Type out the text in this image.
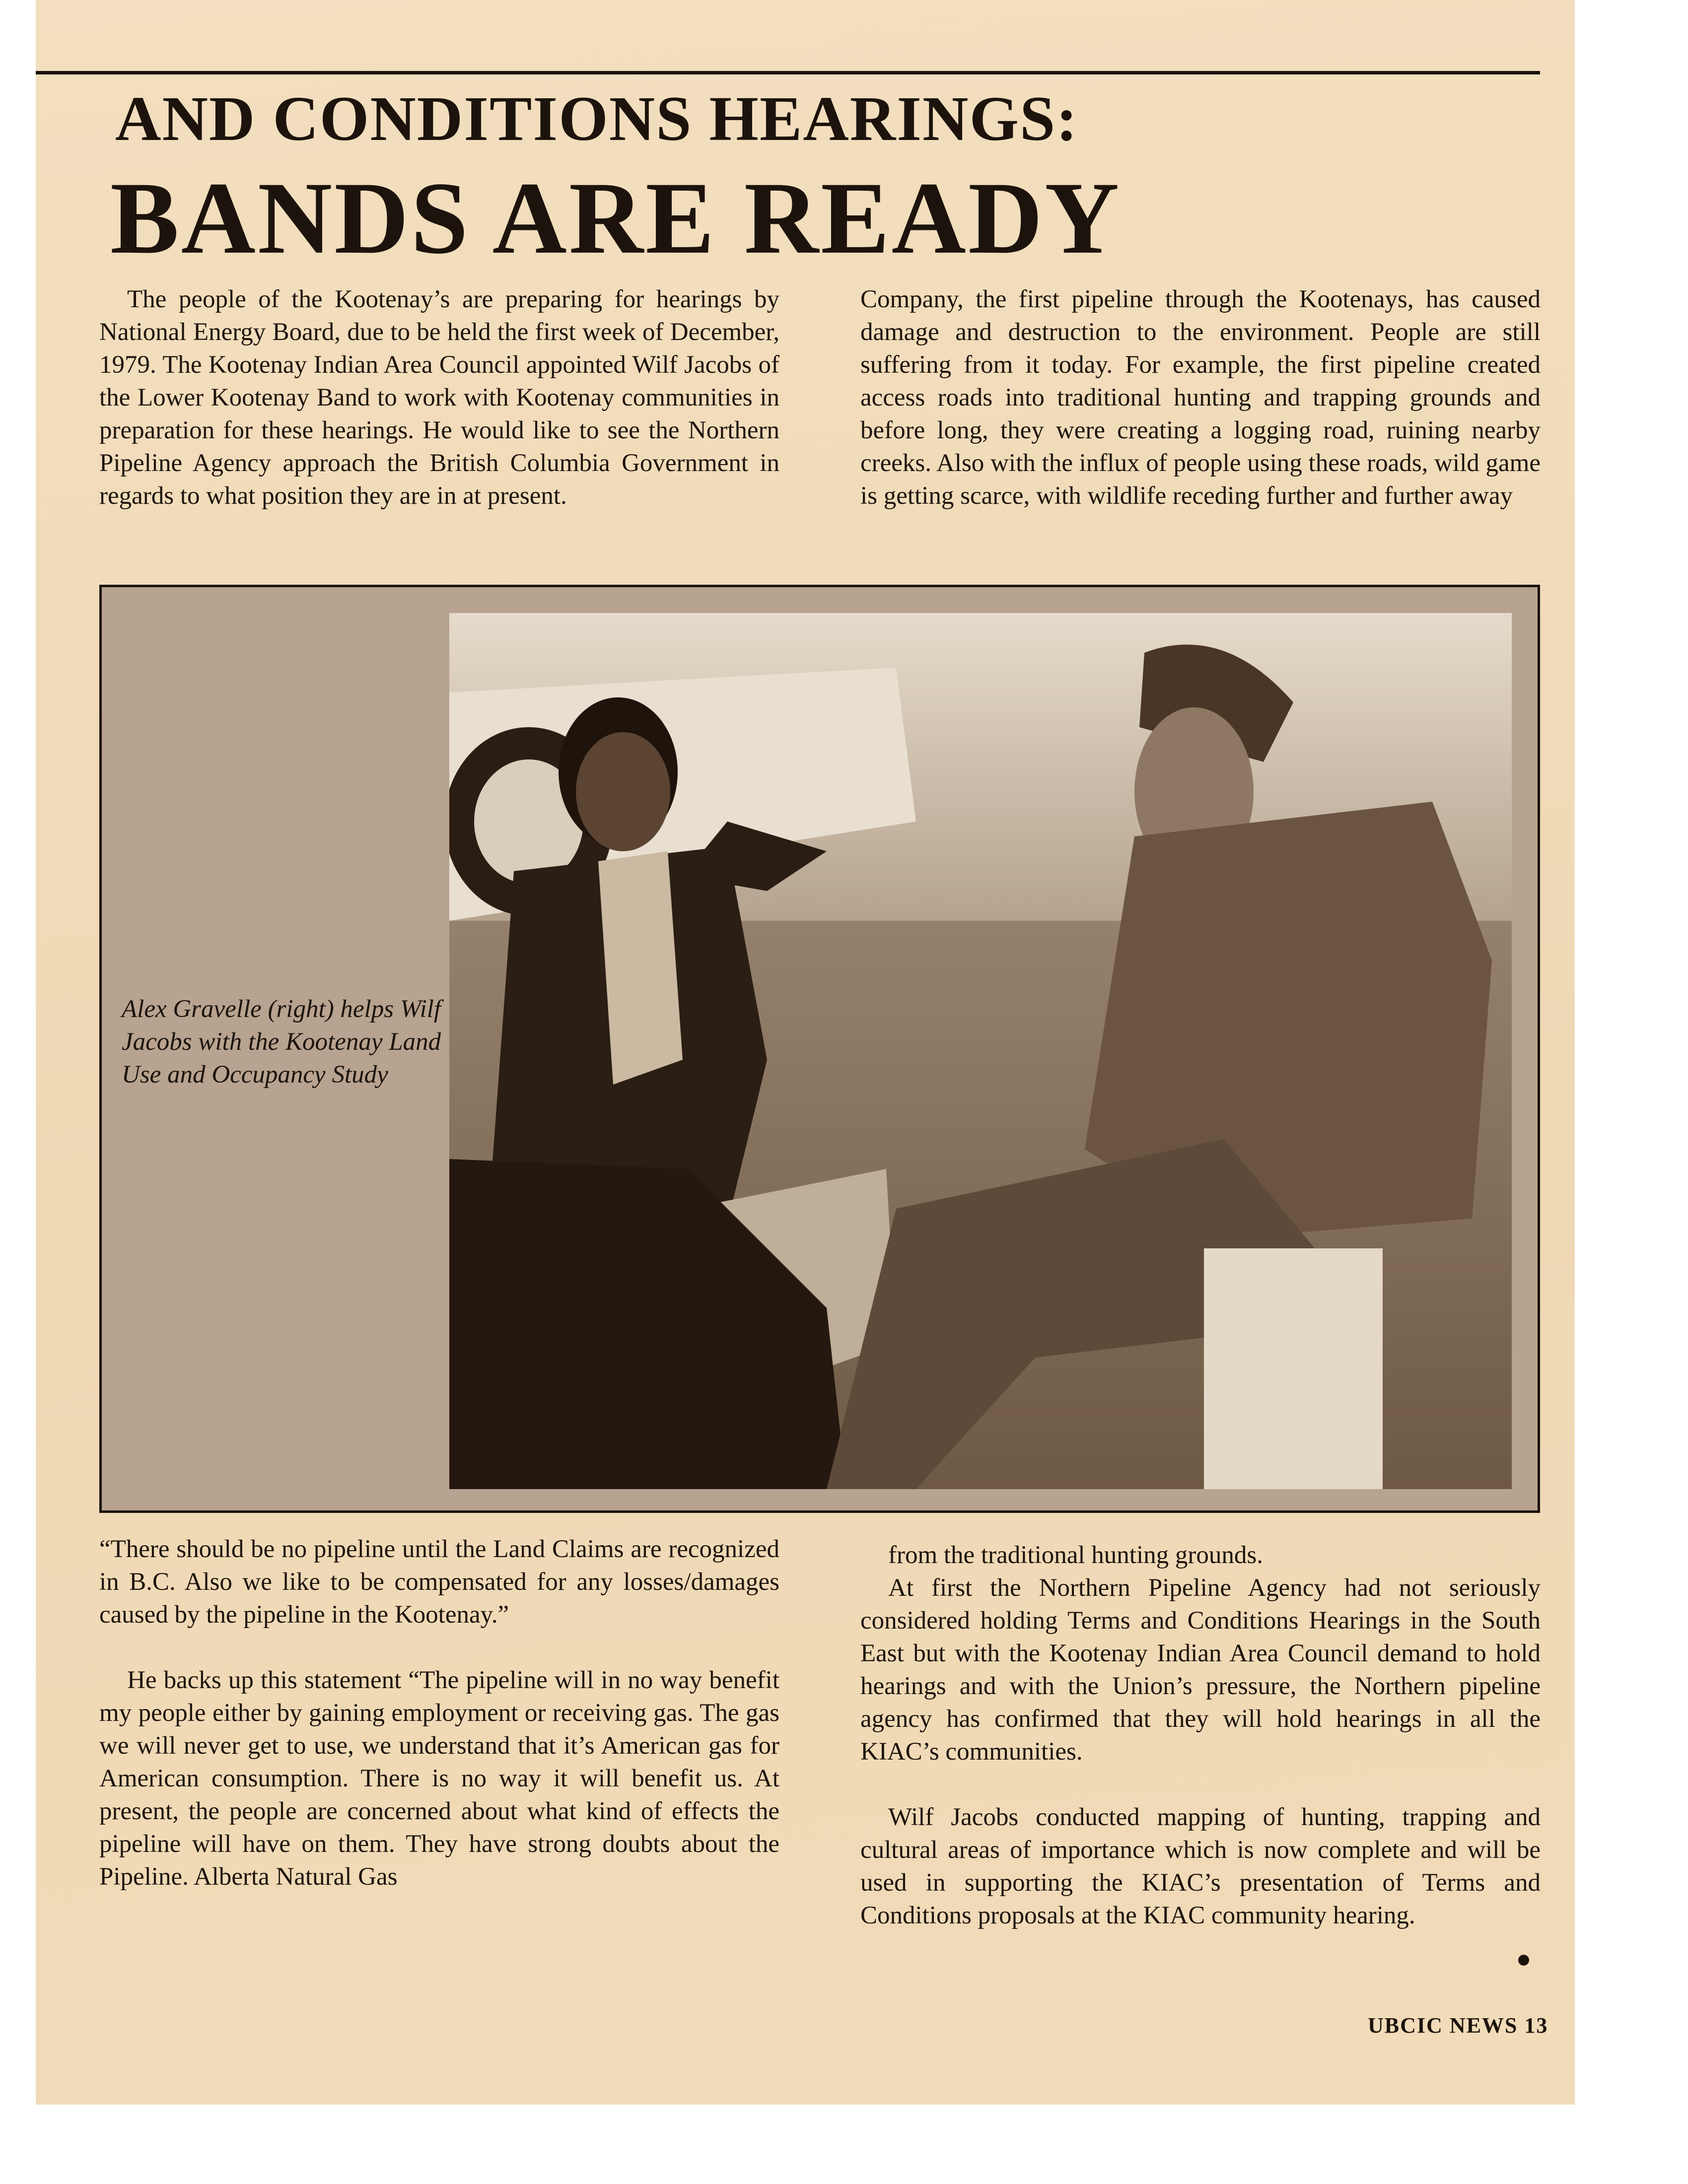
AND CONDITIONS HEARINGS:
BANDS ARE READY

The people of the Kootenay’s are preparing for hearings by National Energy Board, due to be held the first week of December, 1979. The Kootenay Indian Area Council appointed Wilf Jacobs of the Lower Kootenay Band to work with Kootenay communities in preparation for these hearings. He would like to see the Northern Pipeline Agency approach the British Columbia Government in regards to what position they are in at present.

Company, the first pipeline through the Kootenays, has caused damage and destruction to the environment. People are still suffering from it today. For example, the first pipeline created access roads into traditional hunting and trapping grounds and before long, they were creating a logging road, ruining nearby creeks. Also with the influx of people using these roads, wild game is getting scarce, with wildlife receding further and further away

Alex Gravelle (right) helps Wilf Jacobs with the Kootenay Land Use and Occupancy Study

“There should be no pipeline until the Land Claims are recognized in B.C. Also we like to be compensated for any losses/damages caused by the pipeline in the Kootenay.”

He backs up this statement “The pipeline will in no way benefit my people either by gaining employment or receiving gas. The gas we will never get to use, we understand that it’s American gas for American consumption. There is no way it will benefit us. At present, the people are concerned about what kind of effects the pipeline will have on them. They have strong doubts about the Pipeline. Alberta Natural Gas

from the traditional hunting grounds.

At first the Northern Pipeline Agency had not seriously considered holding Terms and Conditions Hearings in the South East but with the Kootenay Indian Area Council demand to hold hearings and with the Union’s pressure, the Northern pipeline agency has confirmed that they will hold hearings in all the KIAC’s communities.

Wilf Jacobs conducted mapping of hunting, trapping and cultural areas of importance which is now complete and will be used in supporting the KIAC’s presentation of Terms and Conditions proposals at the KIAC community hearing.

UBCIC NEWS 13
